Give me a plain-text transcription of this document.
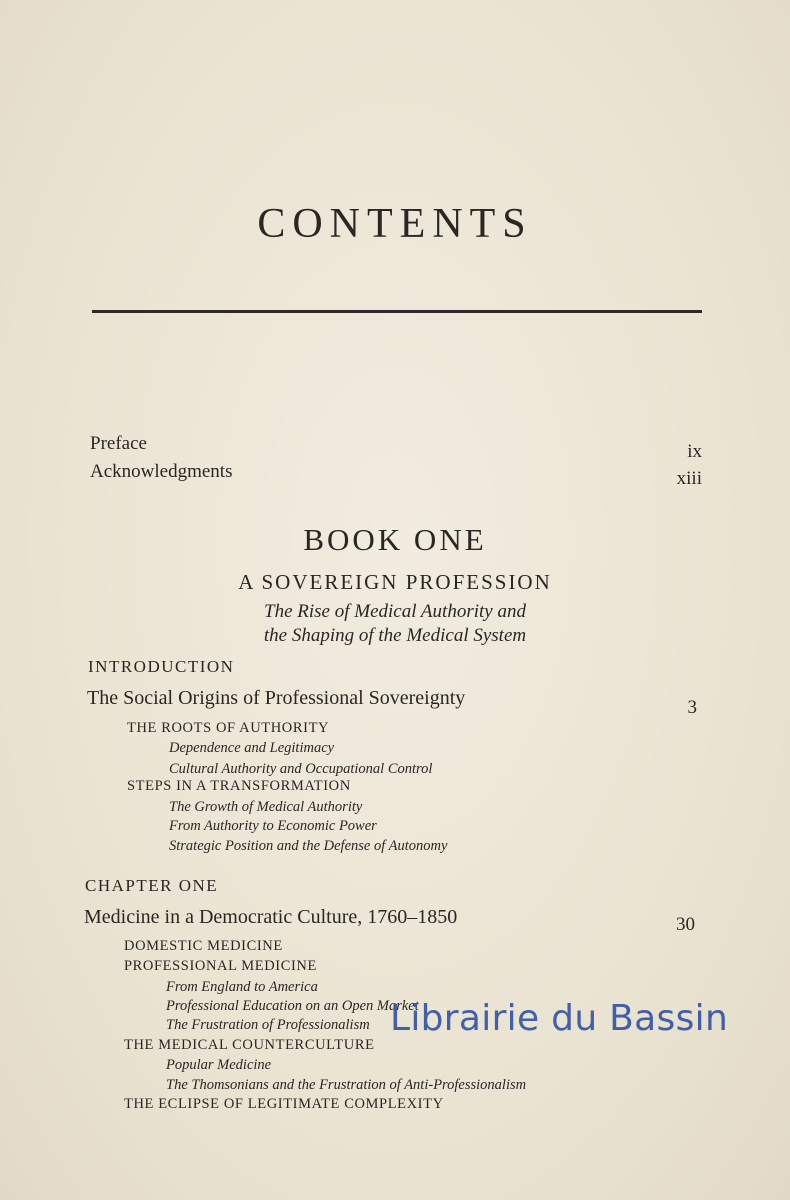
CONTENTS
Preface	ix
Acknowledgments	xiii
BOOK ONE
A SOVEREIGN PROFESSION
The Rise of Medical Authority and
the Shaping of the Medical System
INTRODUCTION
The Social Origins of Professional Sovereignty	3
THE ROOTS OF AUTHORITY
Dependence and Legitimacy
Cultural Authority and Occupational Control
STEPS IN A TRANSFORMATION
The Growth of Medical Authority
From Authority to Economic Power
Strategic Position and the Defense of Autonomy
CHAPTER ONE
Medicine in a Democratic Culture, 1760–1850	30
DOMESTIC MEDICINE
PROFESSIONAL MEDICINE
From England to America
Professional Education on an Open Market
The Frustration of Professionalism
THE MEDICAL COUNTERCULTURE
Popular Medicine
The Thomsonians and the Frustration of Anti-Professionalism
THE ECLIPSE OF LEGITIMATE COMPLEXITY
Librairie du Bassin
